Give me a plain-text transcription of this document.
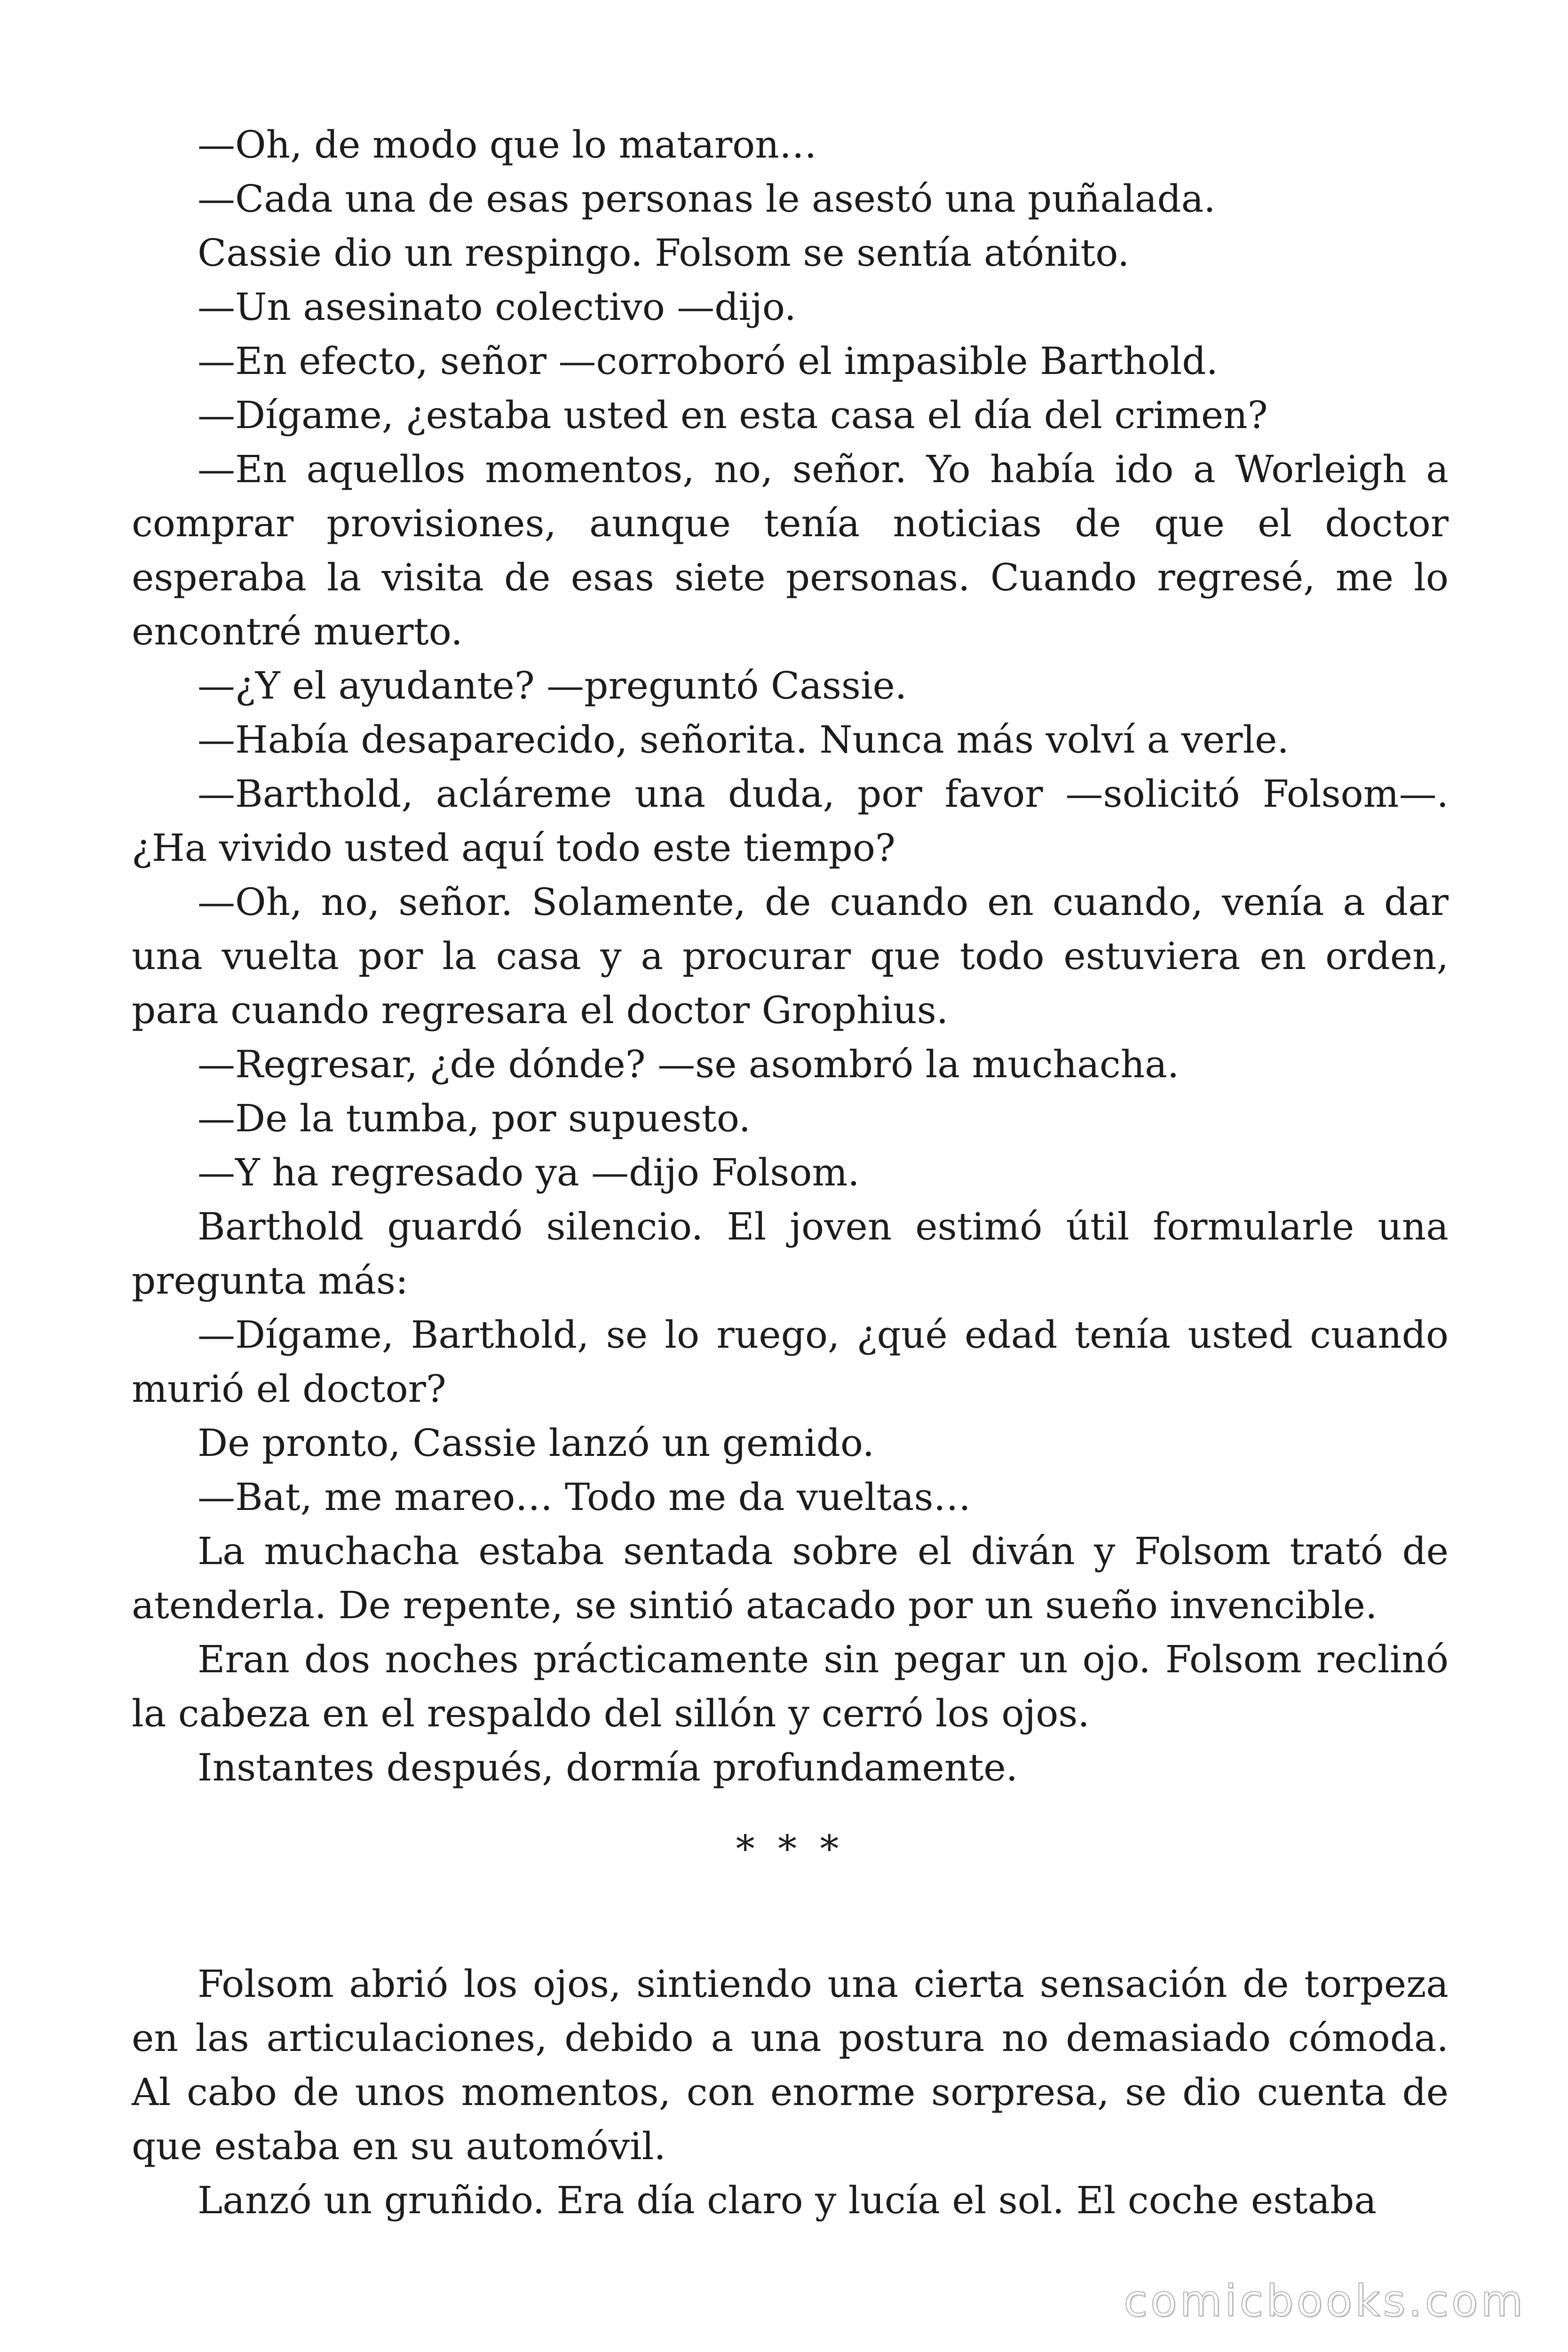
—Oh, de modo que lo mataron…

—Cada una de esas personas le asestó una puñalada.

Cassie dio un respingo. Folsom se sentía atónito.

—Un asesinato colectivo —dijo.

—En efecto, señor —corroboró el impasible Barthold.

—Dígame, ¿estaba usted en esta casa el día del crimen?

—En aquellos momentos, no, señor. Yo había ido a Worleigh a comprar provisiones, aunque tenía noticias de que el doctor esperaba la visita de esas siete personas. Cuando regresé, me lo encontré muerto.

—¿Y el ayudante? —preguntó Cassie.

—Había desaparecido, señorita. Nunca más volví a verle.

—Barthold, acláreme una duda, por favor —solicitó Folsom—. ¿Ha vivido usted aquí todo este tiempo?

—Oh, no, señor. Solamente, de cuando en cuando, venía a dar una vuelta por la casa y a procurar que todo estuviera en orden, para cuando regresara el doctor Grophius.

—Regresar, ¿de dónde? —se asombró la muchacha.

—De la tumba, por supuesto.

—Y ha regresado ya —dijo Folsom.

Barthold guardó silencio. El joven estimó útil formularle una pregunta más:

—Dígame, Barthold, se lo ruego, ¿qué edad tenía usted cuando murió el doctor?

De pronto, Cassie lanzó un gemido.

—Bat, me mareo… Todo me da vueltas…

La muchacha estaba sentada sobre el diván y Folsom trató de atenderla. De repente, se sintió atacado por un sueño invencible.

Eran dos noches prácticamente sin pegar un ojo. Folsom reclinó la cabeza en el respaldo del sillón y cerró los ojos.

Instantes después, dormía profundamente.

* * *

Folsom abrió los ojos, sintiendo una cierta sensación de torpeza en las articulaciones, debido a una postura no demasiado cómoda. Al cabo de unos momentos, con enorme sorpresa, se dio cuenta de que estaba en su automóvil.

Lanzó un gruñido. Era día claro y lucía el sol. El coche estaba

comicbooks.com
